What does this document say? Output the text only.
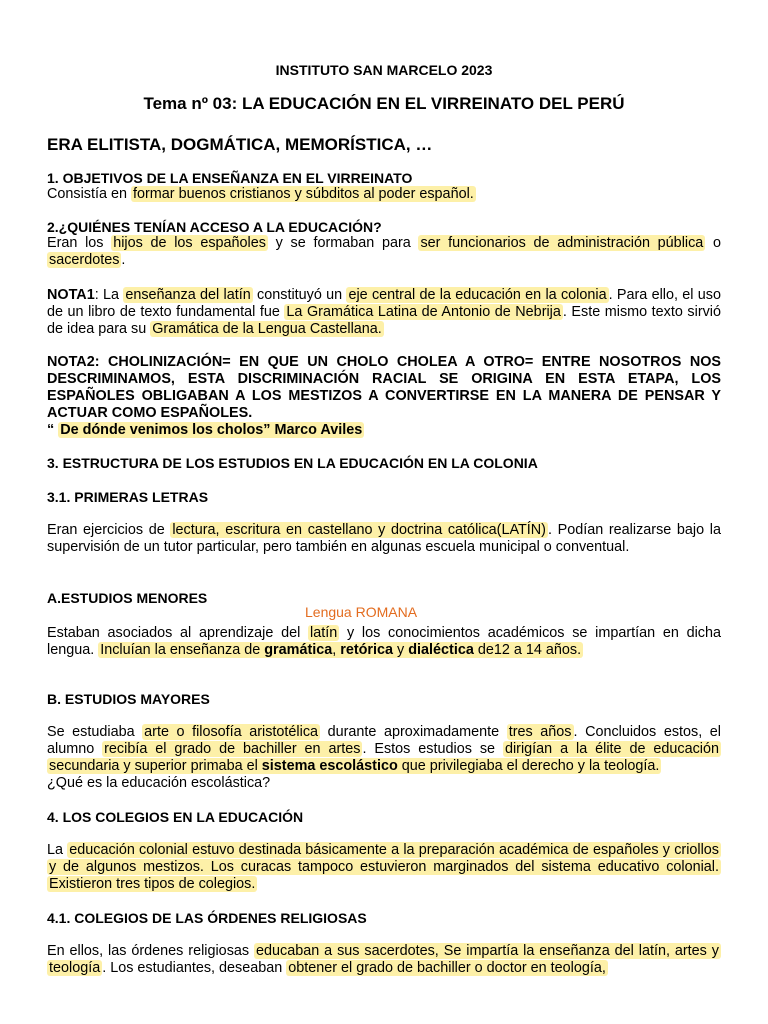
INSTITUTO SAN MARCELO 2023
Tema nº 03: LA EDUCACIÓN EN EL VIRREINATO DEL PERÚ
ERA ELITISTA, DOGMÁTICA, MEMORÍSTICA, …
1. OBJETIVOS DE LA ENSEÑANZA EN EL VIRREINATO
Consistía en formar buenos cristianos y súbditos al poder español.
2.¿QUIÉNES TENÍAN ACCESO A LA EDUCACIÓN?
Eran los hijos de los españoles y se formaban para ser funcionarios de administración pública o sacerdotes .
NOTA1: La enseñanza del latín constituyó un eje central de la educación en la colonia . Para ello, el uso de un libro de texto fundamental fue La Gramática Latina de Antonio de Nebrija . Este mismo texto sirvió de idea para su Gramática de la Lengua Castellana.
NOTA2: CHOLINIZACIÓN= EN QUE UN CHOLO CHOLEA A OTRO= ENTRE NOSOTROS NOS DESCRIMINAMOS, ESTA DISCRIMINACIÓN RACIAL SE ORIGINA EN ESTA ETAPA, LOS ESPAÑOLES OBLIGABAN A LOS MESTIZOS A CONVERTIRSE EN LA MANERA DE PENSAR Y ACTUAR COMO ESPAÑOLES.
“ De dónde venimos los cholos” Marco Aviles
3. ESTRUCTURA DE LOS ESTUDIOS EN LA EDUCACIÓN EN LA COLONIA
3.1. PRIMERAS LETRAS
Eran ejercicios de lectura, escritura en castellano y doctrina católica(LATÍN) . Podían realizarse bajo la supervisión de un tutor particular, pero también en algunas escuela municipal o conventual.
A.ESTUDIOS MENORES
Lengua ROMANA
Estaban asociados al aprendizaje del latín y los conocimientos académicos se impartían en dicha lengua. Incluían la enseñanza de gramática, retórica y dialéctica de12 a 14 años.
B. ESTUDIOS MAYORES
Se estudiaba arte o filosofía aristotélica durante aproximadamente tres años . Concluidos estos, el alumno recibía el grado de bachiller en artes . Estos estudios se dirigían a la élite de educación secundaria y superior primaba el sistema escolástico que privilegiaba el derecho y la teología.
¿Qué es la educación escolástica?
4. LOS COLEGIOS EN LA EDUCACIÓN
La educación colonial estuvo destinada básicamente a la preparación académica de españoles y criollos y de algunos mestizos. Los curacas tampoco estuvieron marginados del sistema educativo colonial. Existieron tres tipos de colegios.
4.1. COLEGIOS DE LAS ÓRDENES RELIGIOSAS
En ellos, las órdenes religiosas educaban a sus sacerdotes, Se impartía la enseñanza del latín, artes y teología . Los estudiantes, deseaban obtener el grado de bachiller o doctor en teología,
